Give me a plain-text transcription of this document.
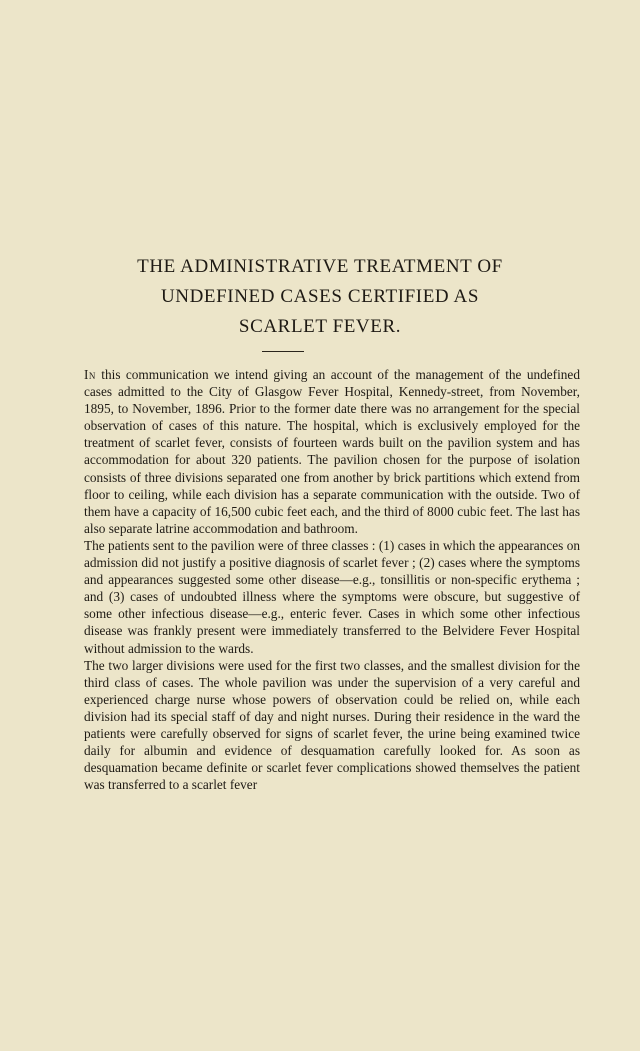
THE ADMINISTRATIVE TREATMENT OF
UNDEFINED CASES CERTIFIED AS
SCARLET FEVER.

In this communication we intend giving an account of the management of the undefined cases admitted to the City of Glasgow Fever Hospital, Kennedy-street, from November, 1895, to November, 1896. Prior to the former date there was no arrangement for the special observation of cases of this nature. The hospital, which is exclusively employed for the treatment of scarlet fever, consists of fourteen wards built on the pavilion system and has accommodation for about 320 patients. The pavilion chosen for the purpose of isolation consists of three divisions separated one from another by brick partitions which extend from floor to ceiling, while each division has a separate communication with the outside. Two of them have a capacity of 16,500 cubic feet each, and the third of 8000 cubic feet. The last has also separate latrine accommodation and bathroom.

The patients sent to the pavilion were of three classes : (1) cases in which the appearances on admission did not justify a positive diagnosis of scarlet fever ; (2) cases where the symptoms and appearances suggested some other disease—e.g., tonsillitis or non-specific erythema ; and (3) cases of undoubted illness where the symptoms were obscure, but suggestive of some other infectious disease—e.g., enteric fever. Cases in which some other infectious disease was frankly present were immediately transferred to the Belvidere Fever Hospital without admission to the wards.

The two larger divisions were used for the first two classes, and the smallest division for the third class of cases. The whole pavilion was under the supervision of a very careful and experienced charge nurse whose powers of observation could be relied on, while each division had its special staff of day and night nurses. During their residence in the ward the patients were carefully observed for signs of scarlet fever, the urine being examined twice daily for albumin and evidence of desquamation carefully looked for. As soon as desquamation became definite or scarlet fever complications showed themselves the patient was transferred to a scarlet fever
